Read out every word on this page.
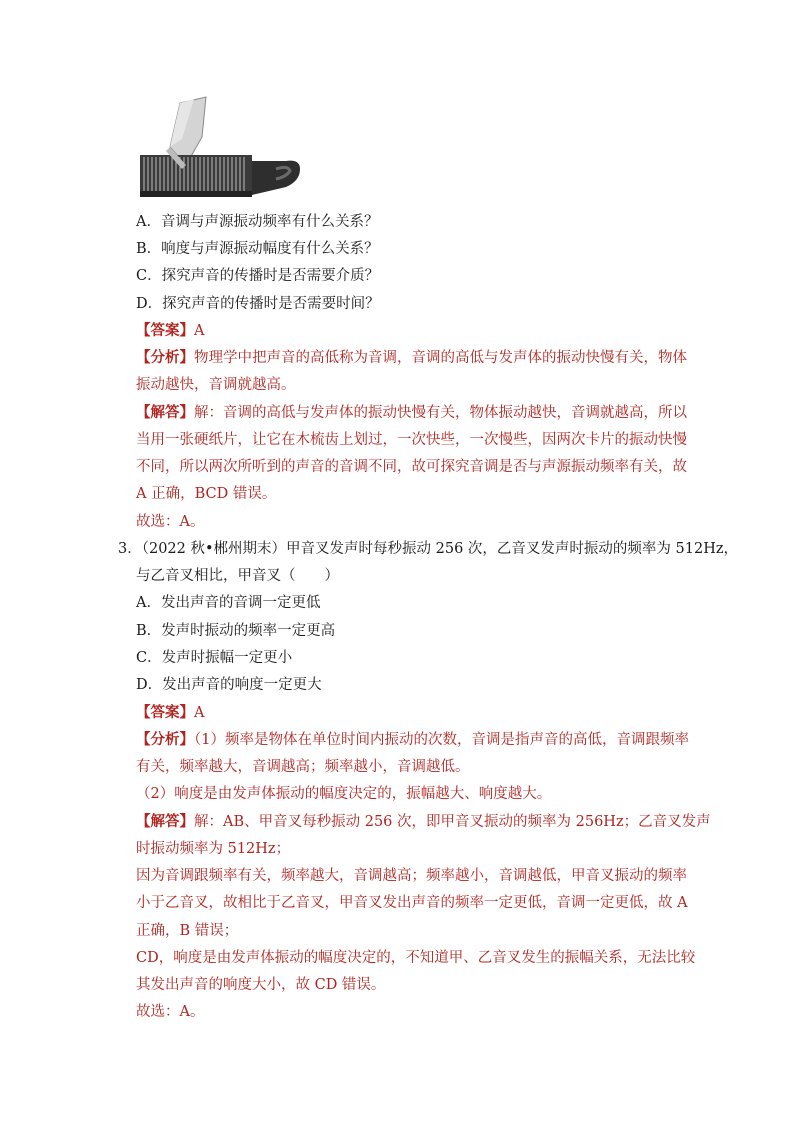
A．音调与声源振动频率有什么关系？
B．响度与声源振动幅度有什么关系？
C．探究声音的传播时是否需要介质？
D．探究声音的传播时是否需要时间？
【答案】A
【分析】物理学中把声音的高低称为音调，音调的高低与发声体的振动快慢有关，物体
振动越快，音调就越高。
【解答】解：音调的高低与发声体的振动快慢有关，物体振动越快，音调就越高，所以
当用一张硬纸片，让它在木梳齿上划过，一次快些，一次慢些，因两次卡片的振动快慢
不同，所以两次所听到的声音的音调不同，故可探究音调是否与声源振动频率有关，故
A 正确，BCD 错误。
故选：A。
3．（2022 秋•郴州期末）甲音叉发声时每秒振动 256 次，乙音叉发声时振动的频率为 512Hz，
与乙音叉相比，甲音叉（　　）
A．发出声音的音调一定更低
B．发声时振动的频率一定更高
C．发声时振幅一定更小
D．发出声音的响度一定更大
【答案】A
【分析】（1）频率是物体在单位时间内振动的次数，音调是指声音的高低，音调跟频率
有关，频率越大，音调越高；频率越小，音调越低。
（2）响度是由发声体振动的幅度决定的，振幅越大、响度越大。
【解答】解：AB、甲音叉每秒振动 256 次，即甲音叉振动的频率为 256Hz；乙音叉发声
时振动频率为 512Hz；
因为音调跟频率有关，频率越大，音调越高；频率越小，音调越低，甲音叉振动的频率
小于乙音叉，故相比于乙音叉，甲音叉发出声音的频率一定更低，音调一定更低，故 A
正确，B 错误；
CD，响度是由发声体振动的幅度决定的，不知道甲、乙音叉发生的振幅关系，无法比较
其发出声音的响度大小，故 CD 错误。
故选：A。
